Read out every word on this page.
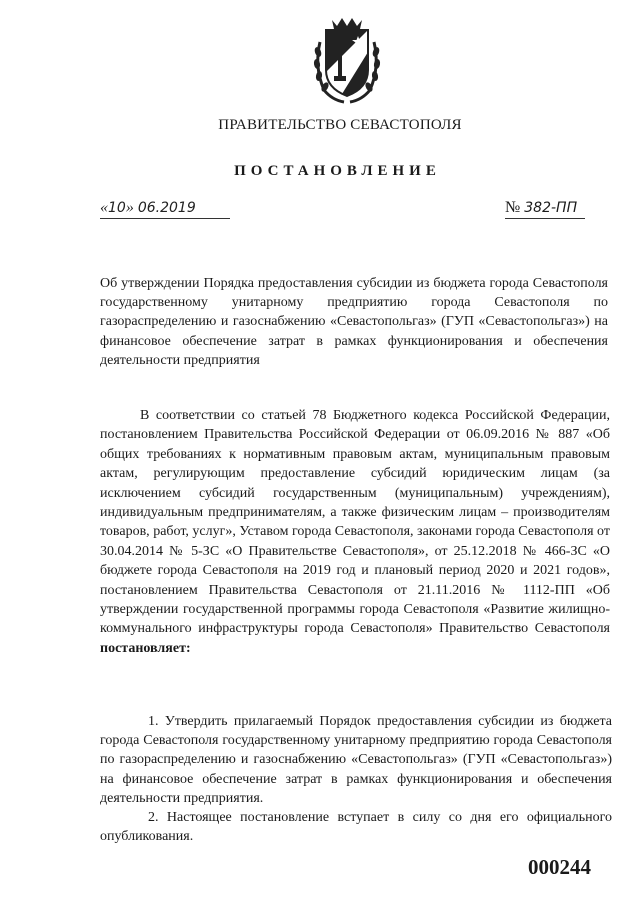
ПРАВИТЕЛЬСТВО СЕВАСТОПОЛЯ
ПОСТАНОВЛЕНИЕ
«10» 06.2019	№ 382-ПП

Об утверждении Порядка предоставления субсидии из бюджета города Севастополя государственному унитарному предприятию города Севастополя по газораспределению и газоснабжению «Севастопольгаз» (ГУП «Севастопольгаз») на финансовое обеспечение затрат в рамках функционирования и обеспечения деятельности предприятия

В соответствии со статьей 78 Бюджетного кодекса Российской Федерации, постановлением Правительства Российской Федерации от 06.09.2016 № 887 «Об общих требованиях к нормативным правовым актам, муниципальным правовым актам, регулирующим предоставление субсидий юридическим лицам (за исключением субсидий государственным (муниципальным) учреждениям), индивидуальным предпринимателям, а также физическим лицам – производителям товаров, работ, услуг», Уставом города Севастополя, законами города Севастополя от 30.04.2014 № 5-ЗС «О Правительстве Севастополя», от 25.12.2018 № 466-ЗС «О бюджете города Севастополя на 2019 год и плановый период 2020 и 2021 годов», постановлением Правительства Севастополя от 21.11.2016 № 1112-ПП «Об утверждении государственной программы города Севастополя «Развитие жилищно-коммунального инфраструктуры города Севастополя» Правительство Севастополя постановляет:

1. Утвердить прилагаемый Порядок предоставления субсидии из бюджета города Севастополя государственному унитарному предприятию города Севастополя по газораспределению и газоснабжению «Севастопольгаз» (ГУП «Севастопольгаз») на финансовое обеспечение затрат в рамках функционирования и обеспечения деятельности предприятия.

2. Настоящее постановление вступает в силу со дня его официального опубликования.

000244
